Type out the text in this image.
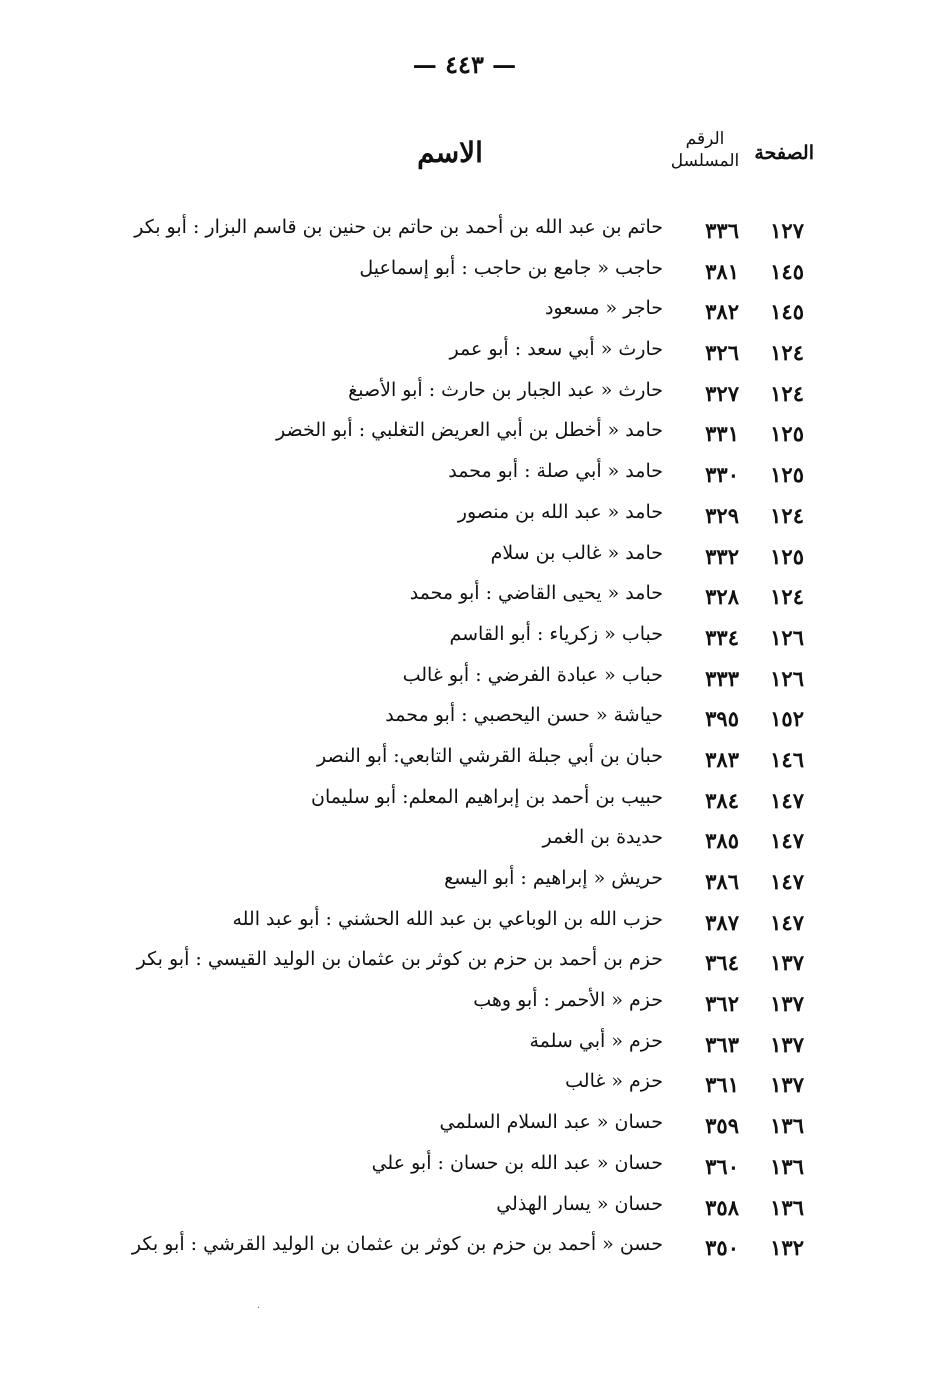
— ٤٤٣ —
الصفحة
الرقم
المسلسل
الاسم
١٢٧
٣٣٦
حاتم بن عبد الله بن أحمد بن حاتم بن حنين بن قاسم البزار : أبو بكر
١٤٥
٣٨١
حاجب « جامع بن حاجب : أبو إسماعيل
١٤٥
٣٨٢
حاجر « مسعود
١٢٤
٣٢٦
حارث « أبي سعد : أبو عمر
١٢٤
٣٢٧
حارث « عبد الجبار بن حارث : أبو الأصبغ
١٢٥
٣٣١
حامد « أخطل بن أبي العريض التغلبي : أبو الخضر
١٢٥
٣٣٠
حامد « أبي صلة : أبو محمد
١٢٤
٣٢٩
حامد « عبد الله بن منصور
١٢٥
٣٣٢
حامد « غالب بن سلام
١٢٤
٣٢٨
حامد « يحيى القاضي : أبو محمد
١٢٦
٣٣٤
حباب « زكرياء : أبو القاسم
١٢٦
٣٣٣
حباب « عبادة الفرضي : أبو غالب
١٥٢
٣٩٥
حياشة « حسن اليحصبي : أبو محمد
١٤٦
٣٨٣
حبان بن أبي جبلة القرشي التابعي: أبو النصر
١٤٧
٣٨٤
حبيب بن أحمد بن إبراهيم المعلم: أبو سليمان
١٤٧
٣٨٥
حديدة بن الغمر
١٤٧
٣٨٦
حريش « إبراهيم : أبو اليسع
١٤٧
٣٨٧
حزب الله بن الوباعي بن عبد الله الحشني : أبو عبد الله
١٣٧
٣٦٤
حزم بن أحمد بن حزم بن كوثر بن عثمان بن الوليد القيسي : أبو بكر
١٣٧
٣٦٢
حزم « الأحمر : أبو وهب
١٣٧
٣٦٣
حزم « أبي سلمة
١٣٧
٣٦١
حزم « غالب
١٣٦
٣٥٩
حسان « عبد السلام السلمي
١٣٦
٣٦٠
حسان « عبد الله بن حسان : أبو علي
١٣٦
٣٥٨
حسان « يسار الهذلي
١٣٢
٣٥٠
حسن « أحمد بن حزم بن كوثر بن عثمان بن الوليد القرشي : أبو بكر
·
